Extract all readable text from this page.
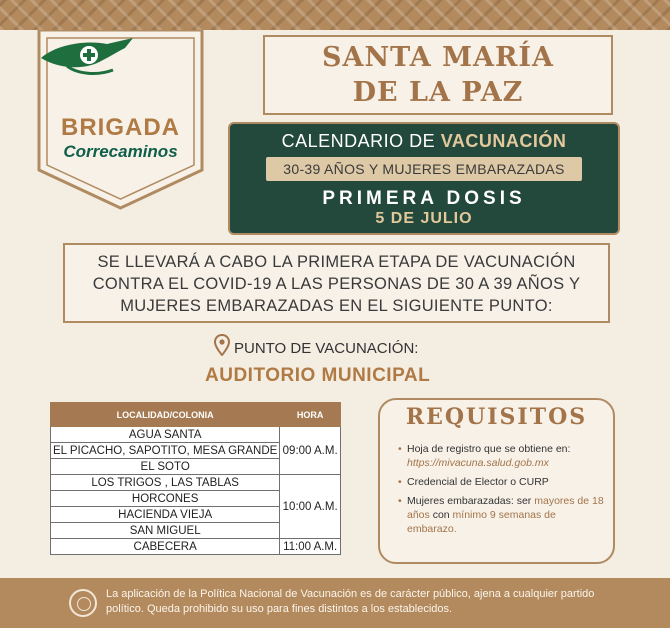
BRIGADA
Correcaminos
SANTA MARÍA
DE LA PAZ
CALENDARIO DE VACUNACIÓN
30-39 AÑOS Y MUJERES EMBARAZADAS
PRIMERA DOSIS
5 DE JULIO
SE LLEVARÁ A CABO LA PRIMERA ETAPA DE VACUNACIÓN
CONTRA EL COVID-19 A LAS PERSONAS DE 30 A 39 AÑOS Y
MUJERES EMBARAZADAS EN EL SIGUIENTE PUNTO:
PUNTO DE VACUNACIÓN:
AUDITORIO MUNICIPAL
LOCALIDAD/COLONIA	HORA
AGUA SANTA	09:00 A.M.
EL PICACHO, SAPOTITO, MESA GRANDE	
EL SOTO	
LOS TRIGOS , LAS TABLAS	10:00 A.M.
HORCONES	
HACIENDA VIEJA	
SAN MIGUEL	
CABECERA	11:00 A.M.
REQUISITOS
• Hoja de registro que se obtiene en: https://mivacuna.salud.gob.mx
• Credencial de Elector o CURP
• Mujeres embarazadas: ser mayores de 18 años con mínimo 9 semanas de embarazo.
La aplicación de la Política Nacional de Vacunación es de carácter público, ajena a cualquier partido político. Queda prohibido su uso para fines distintos a los establecidos.
